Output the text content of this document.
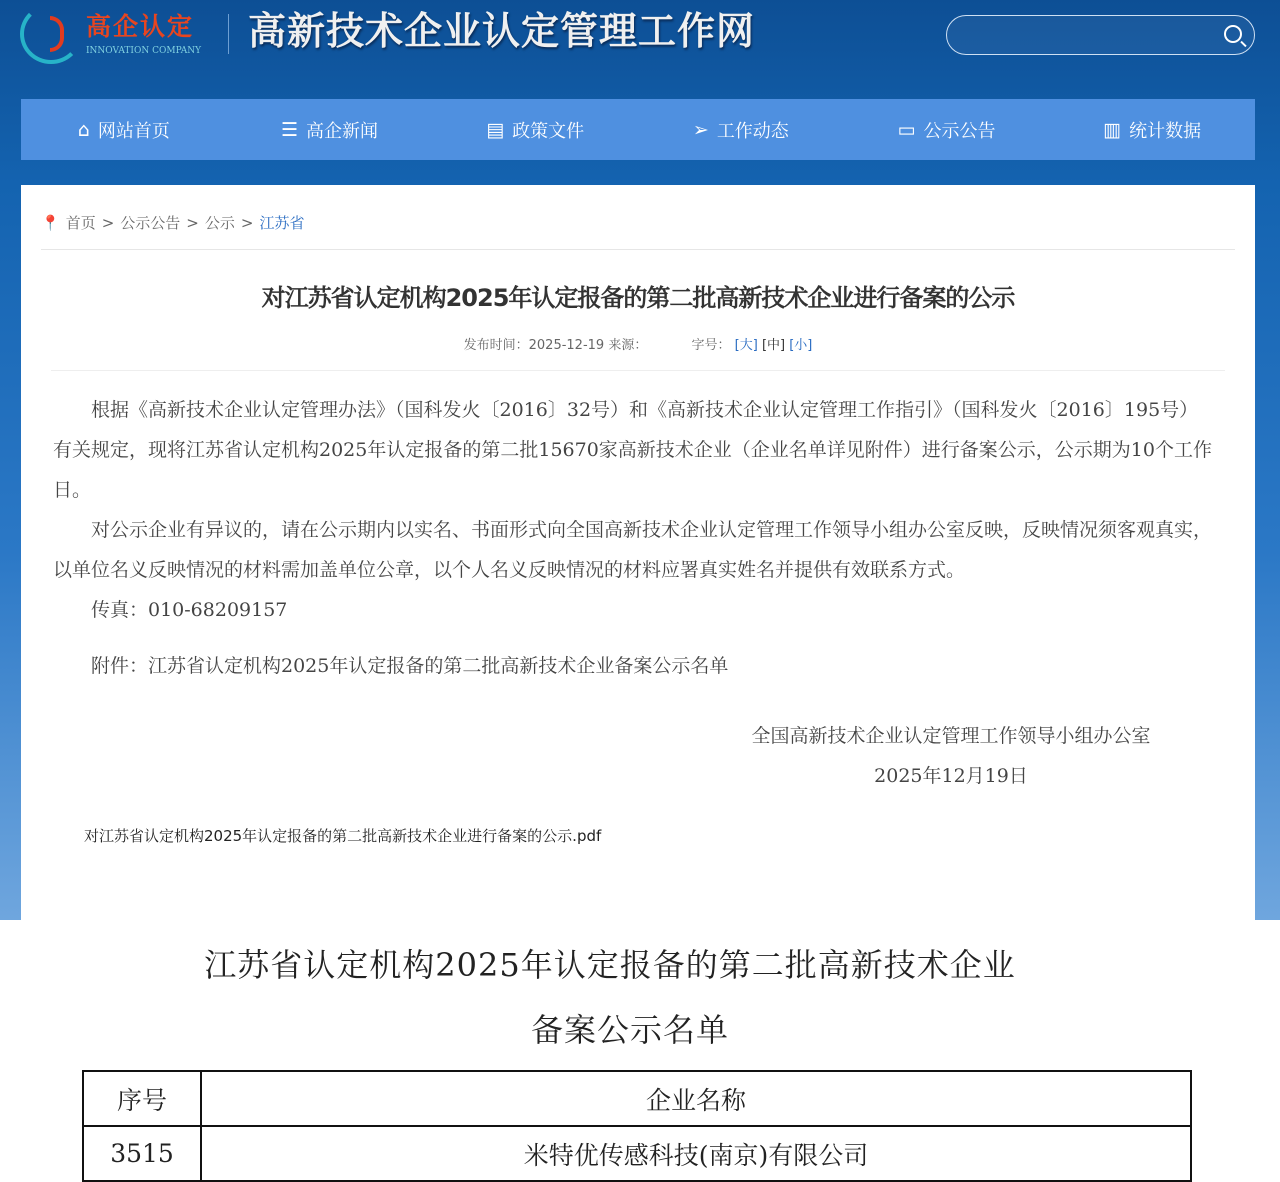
高企认定
INNOVATION COMPANY 高新技术企业认定管理工作网
⌂ 网站首页	☰ 高企新闻	▤ 政策文件	➢ 工作动态	▭ 公示公告	▥ 统计数据
📍 首页 > 公示公告 > 公示 > 江苏省
对江苏省认定机构2025年认定报备的第二批高新技术企业进行备案的公示
发布时间：2025-12-19 来源：	字号： [大] [中] [小]

根据《高新技术企业认定管理办法》（国科发火〔2016〕32号）和《高新技术企业认定管理工作指引》（国科发火〔2016〕195号）有关规定，现将江苏省认定机构2025年认定报备的第二批15670家高新技术企业（企业名单详见附件）进行备案公示，公示期为10个工作日。

对公示企业有异议的，请在公示期内以实名、书面形式向全国高新技术企业认定管理工作领导小组办公室反映，反映情况须客观真实，以单位名义反映情况的材料需加盖单位公章，以个人名义反映情况的材料应署真实姓名并提供有效联系方式。

传真：010-68209157

附件：江苏省认定机构2025年认定报备的第二批高新技术企业备案公示名单

全国高新技术企业认定管理工作领导小组办公室
2025年12月19日
对江苏省认定机构2025年认定报备的第二批高新技术企业进行备案的公示.pdf
江苏省认定机构2025年认定报备的第二批高新技术企业
备案公示名单
序号	企业名称
3515	米特优传感科技(南京)有限公司
